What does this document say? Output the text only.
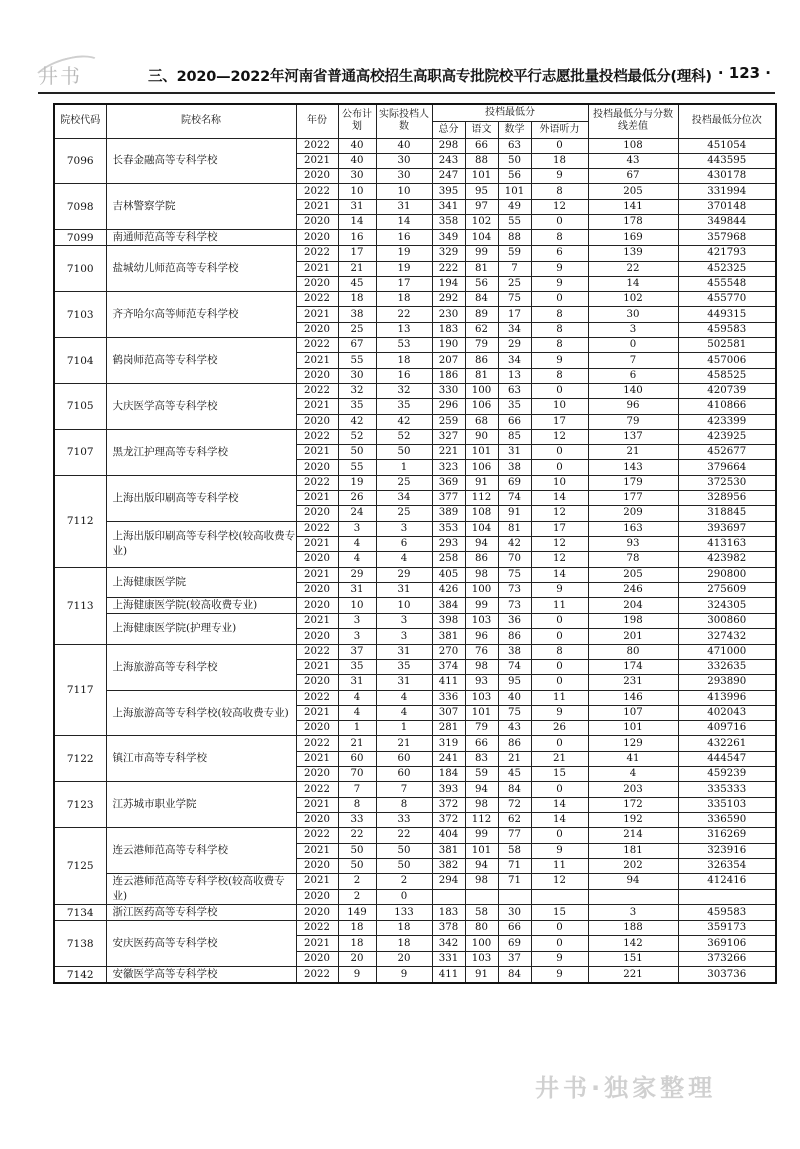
井书	三、2020—2022年河南省普通高校招生高职高专批院校平行志愿批量投档最低分(理科) · 123 ·
院校代码	院校名称	年份	公布计划	实际投档人数	投档最低分				投档最低分与分数线差值	投档最低分位次
					总分	语文	数学	外语听力		
7096	长春金融高等专科学校	2022	40	40	298	66	63	0	108	451054
		2021	40	30	243	88	50	18	43	443595
		2020	30	30	247	101	56	9	67	430178
7098	吉林警察学院	2022	10	10	395	95	101	8	205	331994
		2021	31	31	341	97	49	12	141	370148
		2020	14	14	358	102	55	0	178	349844
7099	南通师范高等专科学校	2020	16	16	349	104	88	8	169	357968
7100	盐城幼儿师范高等专科学校	2022	17	19	329	99	59	6	139	421793
		2021	21	19	222	81	7	9	22	452325
		2020	45	17	194	56	25	9	14	455548
7103	齐齐哈尔高等师范专科学校	2022	18	18	292	84	75	0	102	455770
		2021	38	22	230	89	17	8	30	449315
		2020	25	13	183	62	34	8	3	459583
7104	鹤岗师范高等专科学校	2022	67	53	190	79	29	8	0	502581
		2021	55	18	207	86	34	9	7	457006
		2020	30	16	186	81	13	8	6	458525
7105	大庆医学高等专科学校	2022	32	32	330	100	63	0	140	420739
		2021	35	35	296	106	35	10	96	410866
		2020	42	42	259	68	66	17	79	423399
7107	黑龙江护理高等专科学校	2022	52	52	327	90	85	12	137	423925
		2021	50	50	221	101	31	0	21	452677
		2020	55	1	323	106	38	0	143	379664
7112	上海出版印刷高等专科学校	2022	19	25	369	91	69	10	179	372530
		2021	26	34	377	112	74	14	177	328956
		2020	24	25	389	108	91	12	209	318845
	上海出版印刷高等专科学校(较高收费专业)	2022	3	3	353	104	81	17	163	393697
		2021	4	6	293	94	42	12	93	413163
		2020	4	4	258	86	70	12	78	423982
7113	上海健康医学院	2021	29	29	405	98	75	14	205	290800
		2020	31	31	426	100	73	9	246	275609
	上海健康医学院(较高收费专业)	2020	10	10	384	99	73	11	204	324305
	上海健康医学院(护理专业)	2021	3	3	398	103	36	0	198	300860
		2020	3	3	381	96	86	0	201	327432
7117	上海旅游高等专科学校	2022	37	31	270	76	38	8	80	471000
		2021	35	35	374	98	74	0	174	332635
		2020	31	31	411	93	95	0	231	293890
	上海旅游高等专科学校(较高收费专业)	2022	4	4	336	103	40	11	146	413996
		2021	4	4	307	101	75	9	107	402043
		2020	1	1	281	79	43	26	101	409716
7122	镇江市高等专科学校	2022	21	21	319	66	86	0	129	432261
		2021	60	60	241	83	21	21	41	444547
		2020	70	60	184	59	45	15	4	459239
7123	江苏城市职业学院	2022	7	7	393	94	84	0	203	335333
		2021	8	8	372	98	72	14	172	335103
		2020	33	33	372	112	62	14	192	336590
7125	连云港师范高等专科学校	2022	22	22	404	99	77	0	214	316269
		2021	50	50	381	101	58	9	181	323916
		2020	50	50	382	94	71	11	202	326354
	连云港师范高等专科学校(较高收费专业)	2021	2	2	294	98	71	12	94	412416
		2020	2	0						
7134	浙江医药高等专科学校	2020	149	133	183	58	30	15	3	459583
7138	安庆医药高等专科学校	2022	18	18	378	80	66	0	188	359173
		2021	18	18	342	100	69	0	142	369106
		2020	20	20	331	103	37	9	151	373266
7142	安徽医学高等专科学校	2022	9	9	411	91	84	9	221	303736
井书·独家整理
